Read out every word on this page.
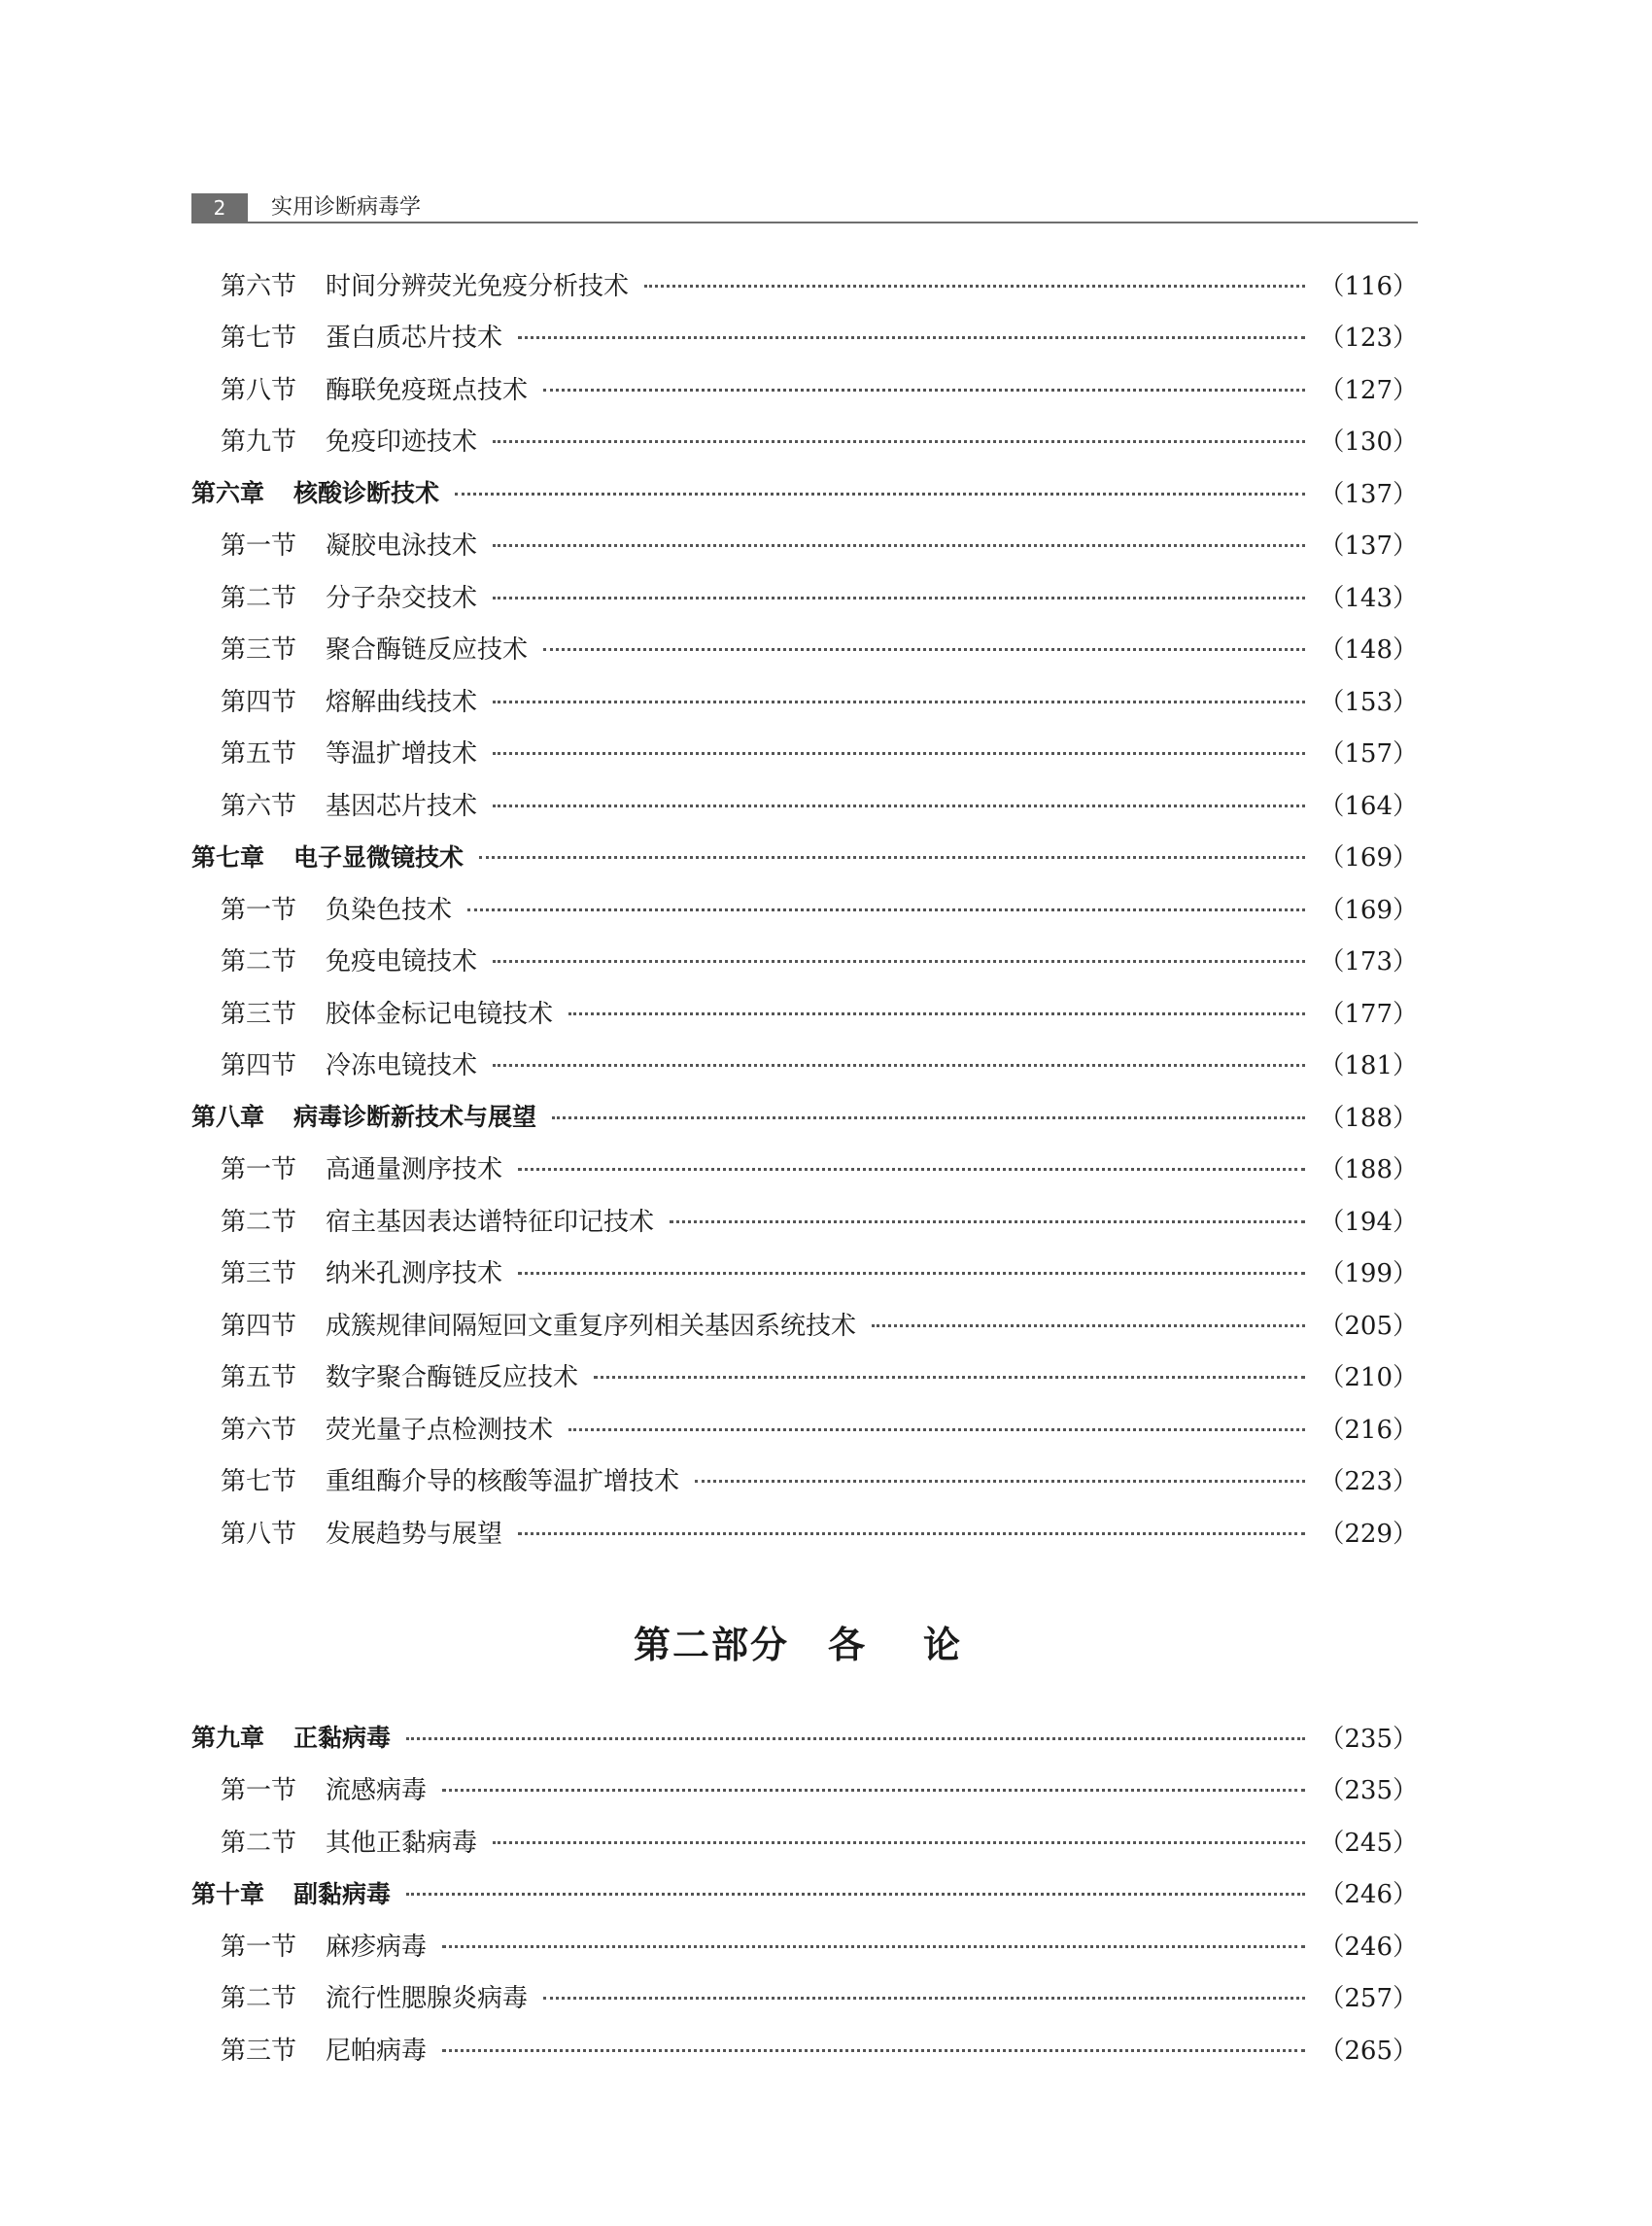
2	实用诊断病毒学
第六节 时间分辨荧光免疫分析技术	（116）
第七节 蛋白质芯片技术	（123）
第八节 酶联免疫斑点技术	（127）
第九节 免疫印迹技术	（130）
第六章 核酸诊断技术	（137）
第一节 凝胶电泳技术	（137）
第二节 分子杂交技术	（143）
第三节 聚合酶链反应技术	（148）
第四节 熔解曲线技术	（153）
第五节 等温扩增技术	（157）
第六节 基因芯片技术	（164）
第七章 电子显微镜技术	（169）
第一节 负染色技术	（169）
第二节 免疫电镜技术	（173）
第三节 胶体金标记电镜技术	（177）
第四节 冷冻电镜技术	（181）
第八章 病毒诊断新技术与展望	（188）
第一节 高通量测序技术	（188）
第二节 宿主基因表达谱特征印记技术	（194）
第三节 纳米孔测序技术	（199）
第四节 成簇规律间隔短回文重复序列相关基因系统技术	（205）
第五节 数字聚合酶链反应技术	（210）
第六节 荧光量子点检测技术	（216）
第七节 重组酶介导的核酸等温扩增技术	（223）
第八节 发展趋势与展望	（229）
第九章 正黏病毒	（235）
第一节 流感病毒	（235）
第二节 其他正黏病毒	（245）
第十章 副黏病毒	（246）
第一节 麻疹病毒	（246）
第二节 流行性腮腺炎病毒	（257）
第三节 尼帕病毒	（265）
第二部分 各论
